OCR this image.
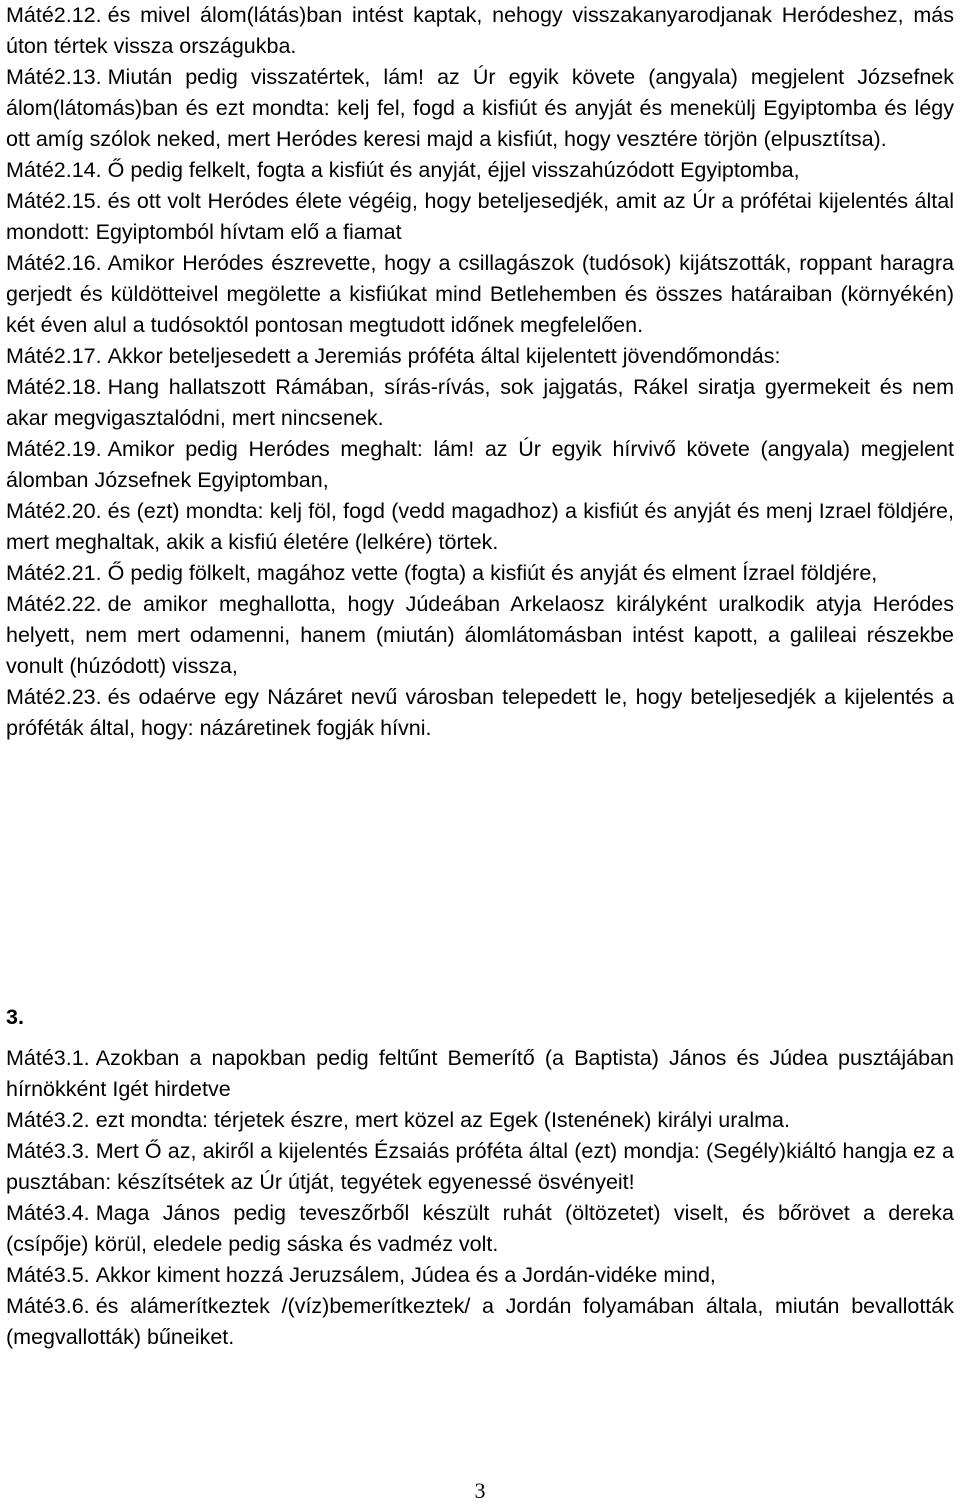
Máté2.12. és mivel álom(látás)ban intést kaptak, nehogy visszakanyarodjanak Heródeshez, más úton tértek vissza országukba.

Máté2.13. Miután pedig visszatértek, lám! az Úr egyik követe (angyala) megjelent Józsefnek álom(látomás)ban és ezt mondta: kelj fel, fogd a kisfiút és anyját és menekülj Egyiptomba és légy ott amíg szólok neked, mert Heródes keresi majd a kisfiút, hogy vesztére törjön (elpusztítsa).

Máté2.14. Ő pedig felkelt, fogta a kisfiút és anyját, éjjel visszahúzódott Egyiptomba,

Máté2.15. és ott volt Heródes élete végéig, hogy beteljesedjék, amit az Úr a prófétai kijelentés által mondott: Egyiptomból hívtam elő a fiamat

Máté2.16. Amikor Heródes észrevette, hogy a csillagászok (tudósok) kijátszották, roppant haragra gerjedt és küldötteivel megölette a kisfiúkat mind Betlehemben és összes határaiban (környékén) két éven alul a tudósoktól pontosan megtudott időnek megfelelően.

Máté2.17. Akkor beteljesedett a Jeremiás próféta által kijelentett jövendőmondás:

Máté2.18. Hang hallatszott Rámában, sírás-rívás, sok jajgatás, Rákel siratja gyermekeit és nem akar megvigasztalódni, mert nincsenek.

Máté2.19. Amikor pedig Heródes meghalt: lám! az Úr egyik hírvivő követe (angyala) megjelent álomban Józsefnek Egyiptomban,

Máté2.20. és (ezt) mondta: kelj föl, fogd (vedd magadhoz) a kisfiút és anyját és menj Izrael földjére, mert meghaltak, akik a kisfiú életére (lelkére) törtek.

Máté2.21. Ő pedig fölkelt, magához vette (fogta) a kisfiút és anyját és elment Ízrael földjére,

Máté2.22. de amikor meghallotta, hogy Júdeában Arkelaosz királyként uralkodik atyja Heródes helyett, nem mert odamenni, hanem (miután) álomlátomásban intést kapott, a galileai részekbe vonult (húzódott) vissza,

Máté2.23. és odaérve egy Názáret nevű városban telepedett le, hogy beteljesedjék a kijelentés a próféták által, hogy: názáretinek fogják hívni.

3.

Máté3.1. Azokban a napokban pedig feltűnt Bemerítő (a Baptista) János és Júdea pusztájában hírnökként Igét hirdetve

Máté3.2. ezt mondta: térjetek észre, mert közel az Egek (Istenének) királyi uralma.

Máté3.3. Mert Ő az, akiről a kijelentés Ézsaiás próféta által (ezt) mondja: (Segély)kiáltó hangja ez a pusztában: készítsétek az Úr útját, tegyétek egyenessé ösvényeit!

Máté3.4. Maga János pedig teveszőrből készült ruhát (öltözetet) viselt, és bőrövet a dereka (csípője) körül, eledele pedig sáska és vadméz volt.

Máté3.5. Akkor kiment hozzá Jeruzsálem, Júdea és a Jordán-vidéke mind,

Máté3.6. és alámerítkeztek /(víz)bemerítkeztek/ a Jordán folyamában általa, miután bevallották (megvallották) bűneiket.

3
